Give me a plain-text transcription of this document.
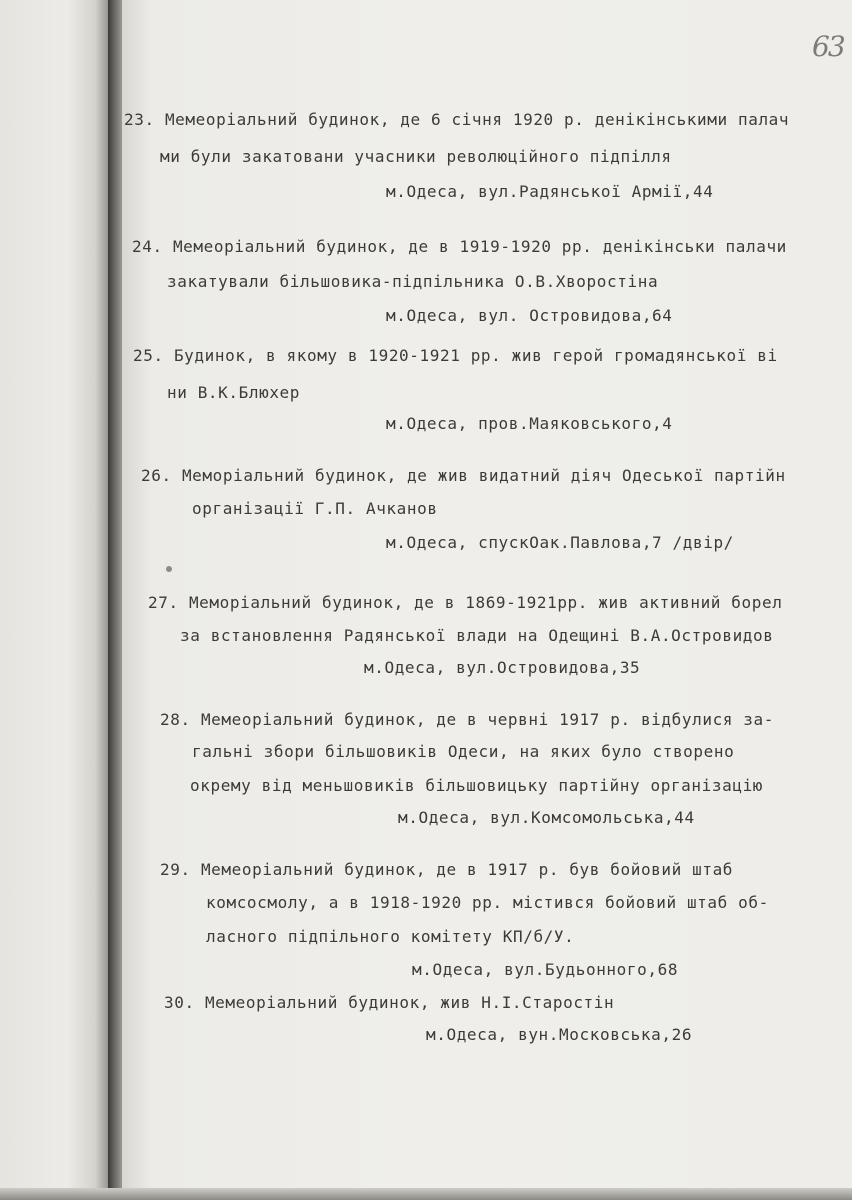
63
23. Мемеоріальний будинок, де 6 січня 1920 р. денікінськими палач
ми були закатовани учасники революційного підпілля
м.Одеса, вул.Радянської Армії,44
24. Мемеоріальний будинок, де в 1919-1920 рр. денікінськи палачи
закатували більшовика-підпільника О.В.Хворостіна
м.Одеса, вул. Островидова,64
25. Будинок, в якому в 1920-1921 рр. жив герой громадянської ві
ни В.К.Блюхер
м.Одеса, пров.Маяковського,4
26. Меморіальний будинок, де жив видатний діяч Одеської партійн
організації Г.П. Ачканов
м.Одеса, спускОак.Павлова,7 /двір/
27. Меморіальний будинок, де в 1869-1921рр. жив активний борел
за встановлення Радянської влади на Одещині В.А.Островидов
м.Одеса, вул.Островидова,35
28. Мемеоріальний будинок, де в червні 1917 р. відбулися за-
гальні збори більшовиків Одеси, на яких було створено
окрему від меньшовиків більшовицьку партійну організацію
м.Одеса, вул.Комсомольська,44
29. Мемеоріальний будинок, де в 1917 р. був бойовий штаб
комсосмолу, а в 1918-1920 рр. містився бойовий штаб об-
ласного підпільного комітету КП/б/У.
м.Одеса, вул.Будьонного,68
30. Мемеоріальний будинок, жив Н.І.Старостін
м.Одеса, вун.Московська,26
